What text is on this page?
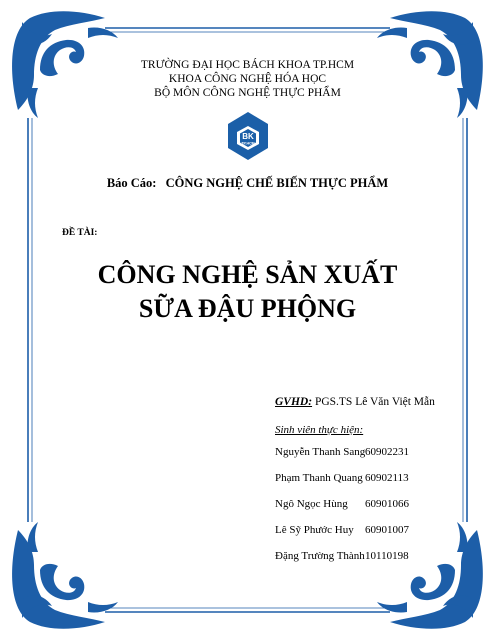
TRƯỜNG ĐẠI HỌC BÁCH KHOA TP.HCM
KHOA CÔNG NGHỆ HÓA HỌC
BỘ MÔN CÔNG NGHỆ THỰC PHẨM
BK
TP.HCM
Báo Cáo: CÔNG NGHỆ CHẾ BIẾN THỰC PHẨM
ĐỀ TÀI:
CÔNG NGHỆ SẢN XUẤT
SỮA ĐẬU PHỘNG
GVHD: PGS.TS Lê Văn Việt Mẫn
Sinh viên thực hiện:
Nguyễn Thanh Sang 60902231
Phạm Thanh Quang 60902113
Ngô Ngọc Hùng 60901066
Lê Sỹ Phước Huy 60901007
Đặng Trường Thành 10110198
